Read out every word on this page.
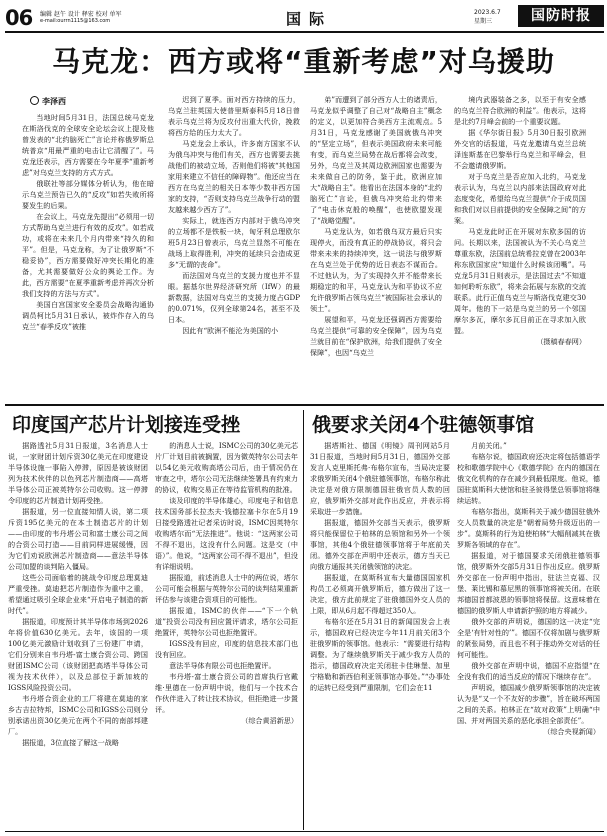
06 编辑 赵午 设计 释宏 校对 单军
e-mail:ourrn1115@163.com	国际	2023.6.7
星期三	国防时报
马克龙：西方或将“重新考虑”对乌援助
李泽西

当地时间5月31日，法国总统马克龙在斯洛伐克的全球安全论坛会议上提及他曾发表的“北约脑死亡”言论并称俄罗斯总统普京“用最严重的电击让它清醒了”。马克龙还表示，西方需要在今年夏季“重新考虑”对乌克兰支持的方式方式。

俄联社等部分媒体分析认为，他在暗示乌克兰预告已久的“反攻”如若失败所将要发生的后果。

在会议上，马克龙先提出“必须用一切方式帮助乌克兰进行有效的反攻”。如若成功，或将在未来几个月内带来“持久的和平”。但是，马克龙称，为了让俄罗斯“不稳妥协”，西方需要做好冲突长期化的准备，尤其需要做好公众的舆论工作。为此，西方需要“在夏季重新考虑并再次分析我们支持的方法与方式”。

美国白宫国家安全委员会战略沟通协调员柯比5月31日承认，被炸作存入的乌克兰“春季反攻”被推

迟到了夏季。面对西方持续的压力，乌克兰驻英国大使普里斯泰科5月18日曾表示乌克兰将为反攻付出重大代价，挽救将西方给的压力太大了。

马克龙会上承认，许多南方国家不认为俄乌冲突与他们有关，西方也需要去挑战他们的被动立场，否则他们将被“其他国家用来建立不信任的障碍物”。他还应当在西方在乌克兰的相关日本等少数非西方国家的支持，“否则支持乌克兰战争行动的盟友越来越少西方了”。

实际上，就连西方内部对于俄乌冲突的立场都不是铁板一块，匈牙利总理欧尔班5月23日曾表示，乌克兰显然不可能在战场上取得胜利，冲突的延续只会造成更多“无谓的丧命”。

而法国对乌克兰的支援力度也并不显眼。据基尔世界经济研究所（IfW）的最新数据，法国对乌克兰的支援力度占GDP的0.071%，仅列全球第24名，甚至不及日本。

因此有“欧洲不能沦为美国的小

弟”而遭到了部分西方人士的诸责后，马克龙似乎调整了自己对“战略自主”概念的定义，以更加符合美西方主流观点。5月31日，马克龙感谢了美国就俄乌冲突的“坚定立场”，但表示美国政府未来可能有变，而乌克兰局势在战后都将会改变，另外，乌克兰及其周边欧洲国家也需要为未来做自己的防务，鉴于此，欧洲应加大“战略自主”。他看出在法国本身的“北约脑死亡”言论，但俄乌冲突给北约带来了“电击休克般的唤醒”，也使欧盟发现了“战略觉醒”。

马克龙认为，如若俄乌双方最后只实现停火，而没有真正的停战协议，将只会带来未来的持续冲突，这一说法与俄罗斯在乌克兰处于优势的近日表态不谋而合。不过他认为，为了实现持久并不能带来长期稳定的和平，马克龙认为和平协议不应允许俄罗斯占领乌克兰“被国际社会承认的领土”。

展望和平，马克龙还强调西方需要给乌克兰提供“可靠的安全保障”，因为乌克兰就目前在“保护欧洲，给我们提供了安全保障”，也因“乌克兰

境内武器装备之多，以至于有安全感的乌克兰符合欧洲的利益”。他表示，这将是北约7月峰会前的一个重要议题。

据《华尔街日报》5月30日报引欧洲外交官的话报道，马克龙邀请乌克兰总统泽连斯基在巴黎举行乌克兰和平峰会，但不会邀请俄罗斯。

对于乌克兰是否应加入北约，马克龙表示认为，乌克兰以内部来法国政府对此态度变化，希望给乌克兰提供“介于成员国和我们对以目前提供的安全保障之间”的方案。

马克龙此时正在开展对东欧多国的访问。长期以来，法国被认为不关心乌克兰尊重东欧，法国前总统希拉克曾在2003年称东欧国家应“知道什么时候该闭嘴”。马克龙5月31日则表示，是法国过去“不知道如何聆听东欧”，将来会拓展与东欧的交流联系。此行正值乌克兰与斯洛伐克建交30周年。他的下一站是乌克兰的另一个邻国摩尔多瓦，摩尔多瓦目前正在寻求加入欧盟。

（摄稿春春网）

印度国产芯片计划接连受挫	俄要求关闭4个驻德领事馆

据路透社5月31日报道，3名消息人士说，一家财团计划斥资30亿美元在印度建设半导体设施一事陷入停滞，原因是被该财团列为技术伙伴的以色列芯片制造商——高塔半导体公司正被英特尔公司收购。这一停滞令印度的芯片制造计划再受挫。

据报道，另一位直接知情人说，第二项斥资195亿美元的在本土制造芯片的计划——由印度的韦丹塔公司和富士康公司之间的合资公司打造——目前同样进展缓慢，因为它们劝说欧洲芯片制造商——意法半导体公司加盟的谈判陷入僵局。

这些公司面临着的挑战令印度总理莫迪严重受挫。莫迪把芯片制造作为重中之重，希望通过吸引全球企业来“开启电子制造的新时代”。

据报道，印度预计其半导体市场到2026年将价值630亿美元。去年，该国的一项100亿美元激励计划收到了三份建厂申请，它们分别来自韦丹塔-富士康合资公司、跨国财团ISMC公司（该财团把高塔半导体公司视为技术伙伴），以及总部位于新加坡的IGSS风险投资公司。

韦丹塔合资企业的工厂将建在莫迪的家乡古吉拉特邦，ISMC公司和IGSS公司则分别承诺出资30亿美元在两个不同的南部邦建厂。

据报道，3位直接了解这一战略

的消息人士说，ISMC公司的30亿美元芯片厂计划目前被搁置，因为微英特尔公司去年以54亿美元收购高塔公司后，由于情况仍在审查之中，塔尔公司无法继续签署具有约束力的协议，收购交易正在等待监管机构的批准。

谈及印度的半导体雄心，印度电子和信息技术国务部长拉杰夫·钱德拉塞卡尔在5月19日接受路透社记者采访时说，ISMC因英特尔收购塔尔而“无法推进”。他说：“这两家公司不得不退出，这没有什么问题。这是交（中语）”。他说，“这两家公司不得不退出”，但没有详细说明。

据报道，前述消息人士中的两位说，塔尔公司可能会根据与英特尔公司的谈判结果重新评估参与该建合资项目的可能性。

据报道，ISMC的伙伴——“下一个轨道”投资公司没有回应置评请求，塔尔公司拒绝置评，英特尔公司也拒绝置评。

IGSS没有回应，印度的信息技术部门也没有回应。

意法半导体有限公司也拒绝置评。

韦丹塔-富士康合资公司的首席执行官戴维·里德在一份声明中说，他们与一个技术合作伙伴进入了转让技术协议，但拒绝进一步置评。

（综合黄滔新思）

据塔斯社、德国《明镜》周刊网站5月31日报道，当地时间5月31日，德国外交部发言人克里斯托弗·布格尔宣布，当局决定要求俄罗斯关闭4个俄驻德领事馆，布格尔称此决定是对俄方限制德国驻俄官员人数的回应，俄罗斯外交部对此作出反应，并表示将采取进一步措施。

据报道，德国外交部当天表示，俄罗斯将只能保留位于柏林的总领馆和另外一个领事馆，其他4个俄驻德领事馆将于年底前关闭。德外交部在声明中还表示，德方当天已向俄方通报其关闭俄领馆的决定。

据报道，在莫斯科宣布大量德国国家机构员工必须离开俄罗斯后，德方做出了这一决定，俄方此前规定了驻俄德国外交人员的上限，即从6月起不得超过350人。

布格尔还在5月31日的新闻国发会上表示，德国政府已经决定今年11月前关闭3个驻俄罗斯的领事馆。他表示：“需要进行结构调整。为了继续俄罗斯关于减少我方人员的指示，德国政府决定关闭驻卡佳琳堡、加里宁格勒和新西伯利亚领事馆办事处。”“办事处的运转已经受到严重限制，它们会在11

月前关闭。”

布格尔说，德国政府还决定将包括德语学校和歌德学院中心《歌德学院》在内的德国在俄文化机构的存在减少到最低限度。他说，德国驻莫斯科大使馆和驻圣彼得堡总领事馆将继续运转。

布格尔指出，莫斯科关于减少德国驻俄外交人员数量的决定是“朝着局势升级迈出的一步”。莫斯科的行为迫使柏林“大幅削减其在俄罗斯各领域的存在”。

据报道，对于德国要求关闭俄驻德领事馆，俄罗斯外交部5月31日作出反应。俄罗斯外交部在一份声明中指出，驻法兰克福、汉堡、莱比锡和慕尼黑的领事馆将被关闭。在联邦德国首都波恩的领事馆将保留。这意味着在德国的俄罗斯人申请新护照的地方将减少。

俄外交部的声明说，德国的这一决定“完全是‘有针对性的’”。德国不仅将加剧与俄罗斯的紧张局势，而且也不利于推动外交对话的任何可能性。

俄外交部在声明中说，德国不应指望“在全没有我们的适当反应的情况下继续存在”。

声明说，德国减少俄罗斯领事馆的决定被认为是“又一个不友好的步骤”，旨在破坏两国之间的关系。柏林正在“故对政策”上明确“中国、并对两国关系的恶化承担全部责任”。

（综合央视新闻）
